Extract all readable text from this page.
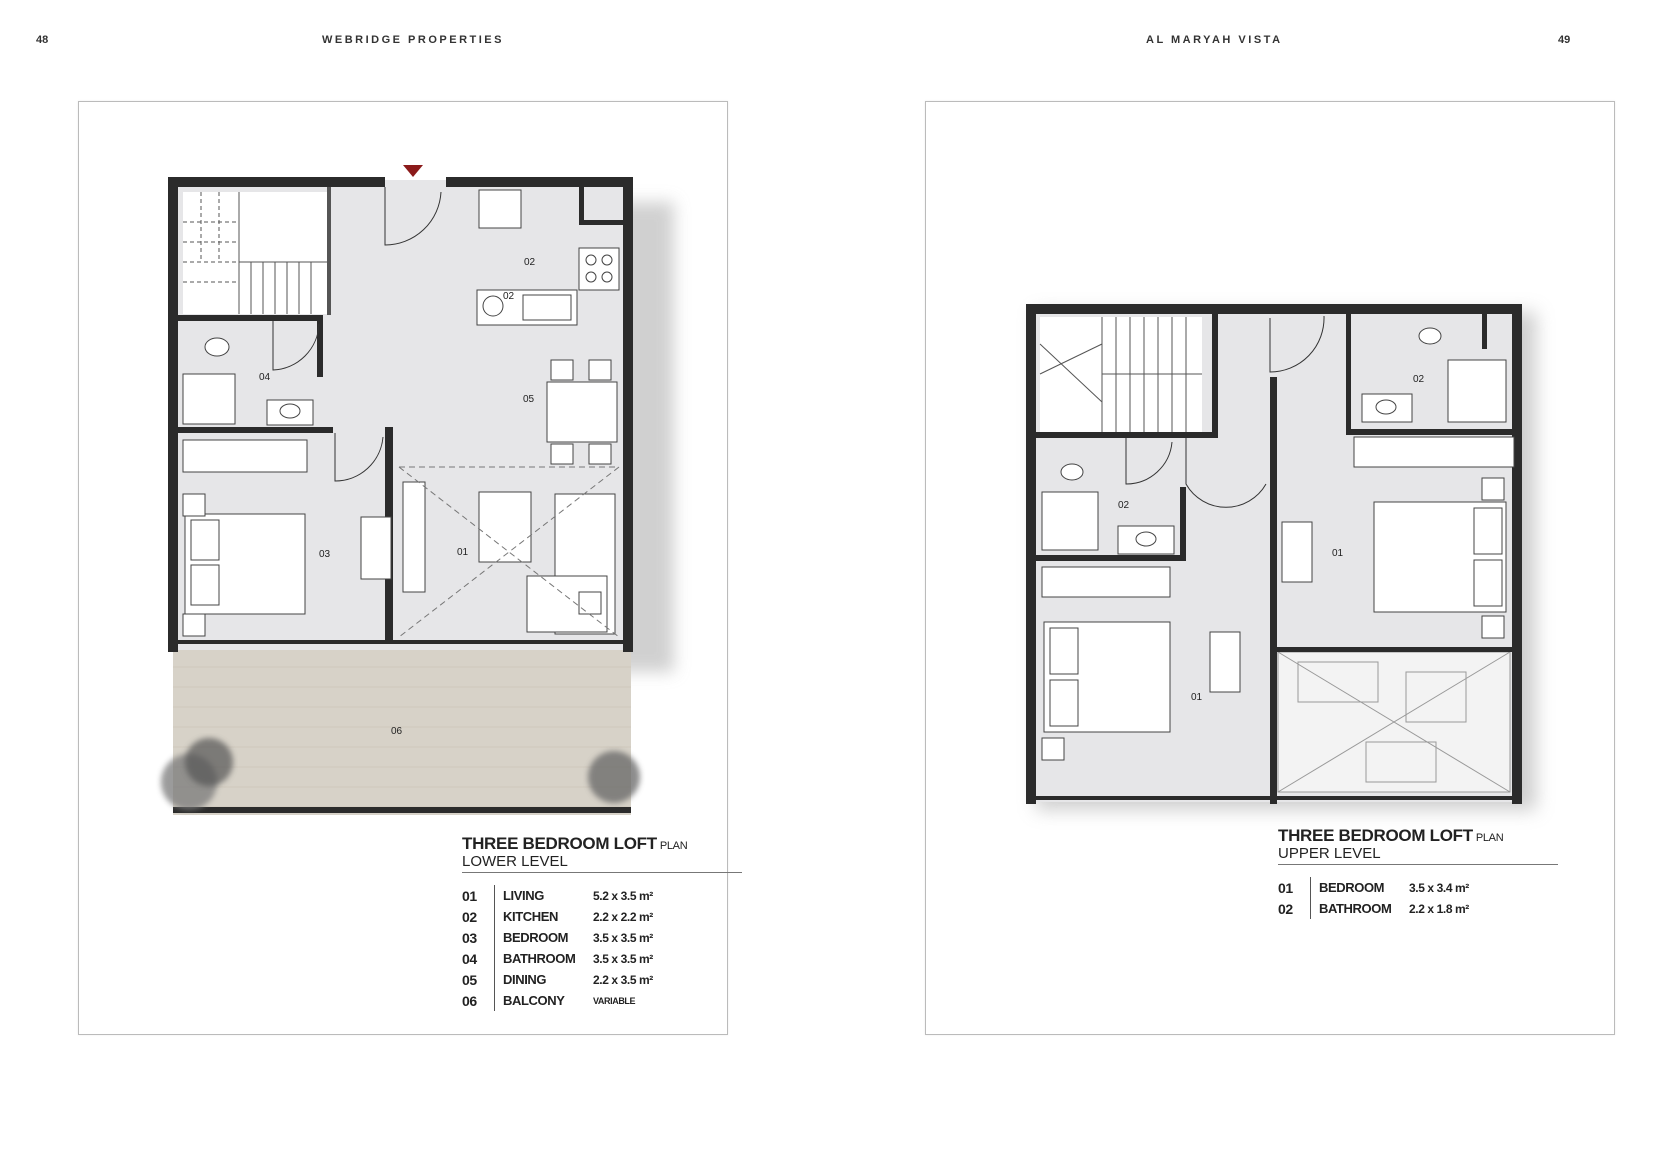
48	WEBRIDGE PROPERTIES	AL MARYAH VISTA	49
02
02
04
05
03	01
06
THREE BEDROOM LOFT PLAN
LOWER LEVEL
01	LIVING	5.2 x 3.5 m²
02	KITCHEN	2.2 x 2.2 m²
03	BEDROOM	3.5 x 3.5 m²
04	BATHROOM	3.5 x 3.5 m²
05	DINING	2.2 x 3.5 m²
06	BALCONY	VARIABLE
02
02
01
01
THREE BEDROOM LOFT PLAN
UPPER LEVEL
01	BEDROOM	3.5 x 3.4 m²
02	BATHROOM	2.2 x 1.8 m²
